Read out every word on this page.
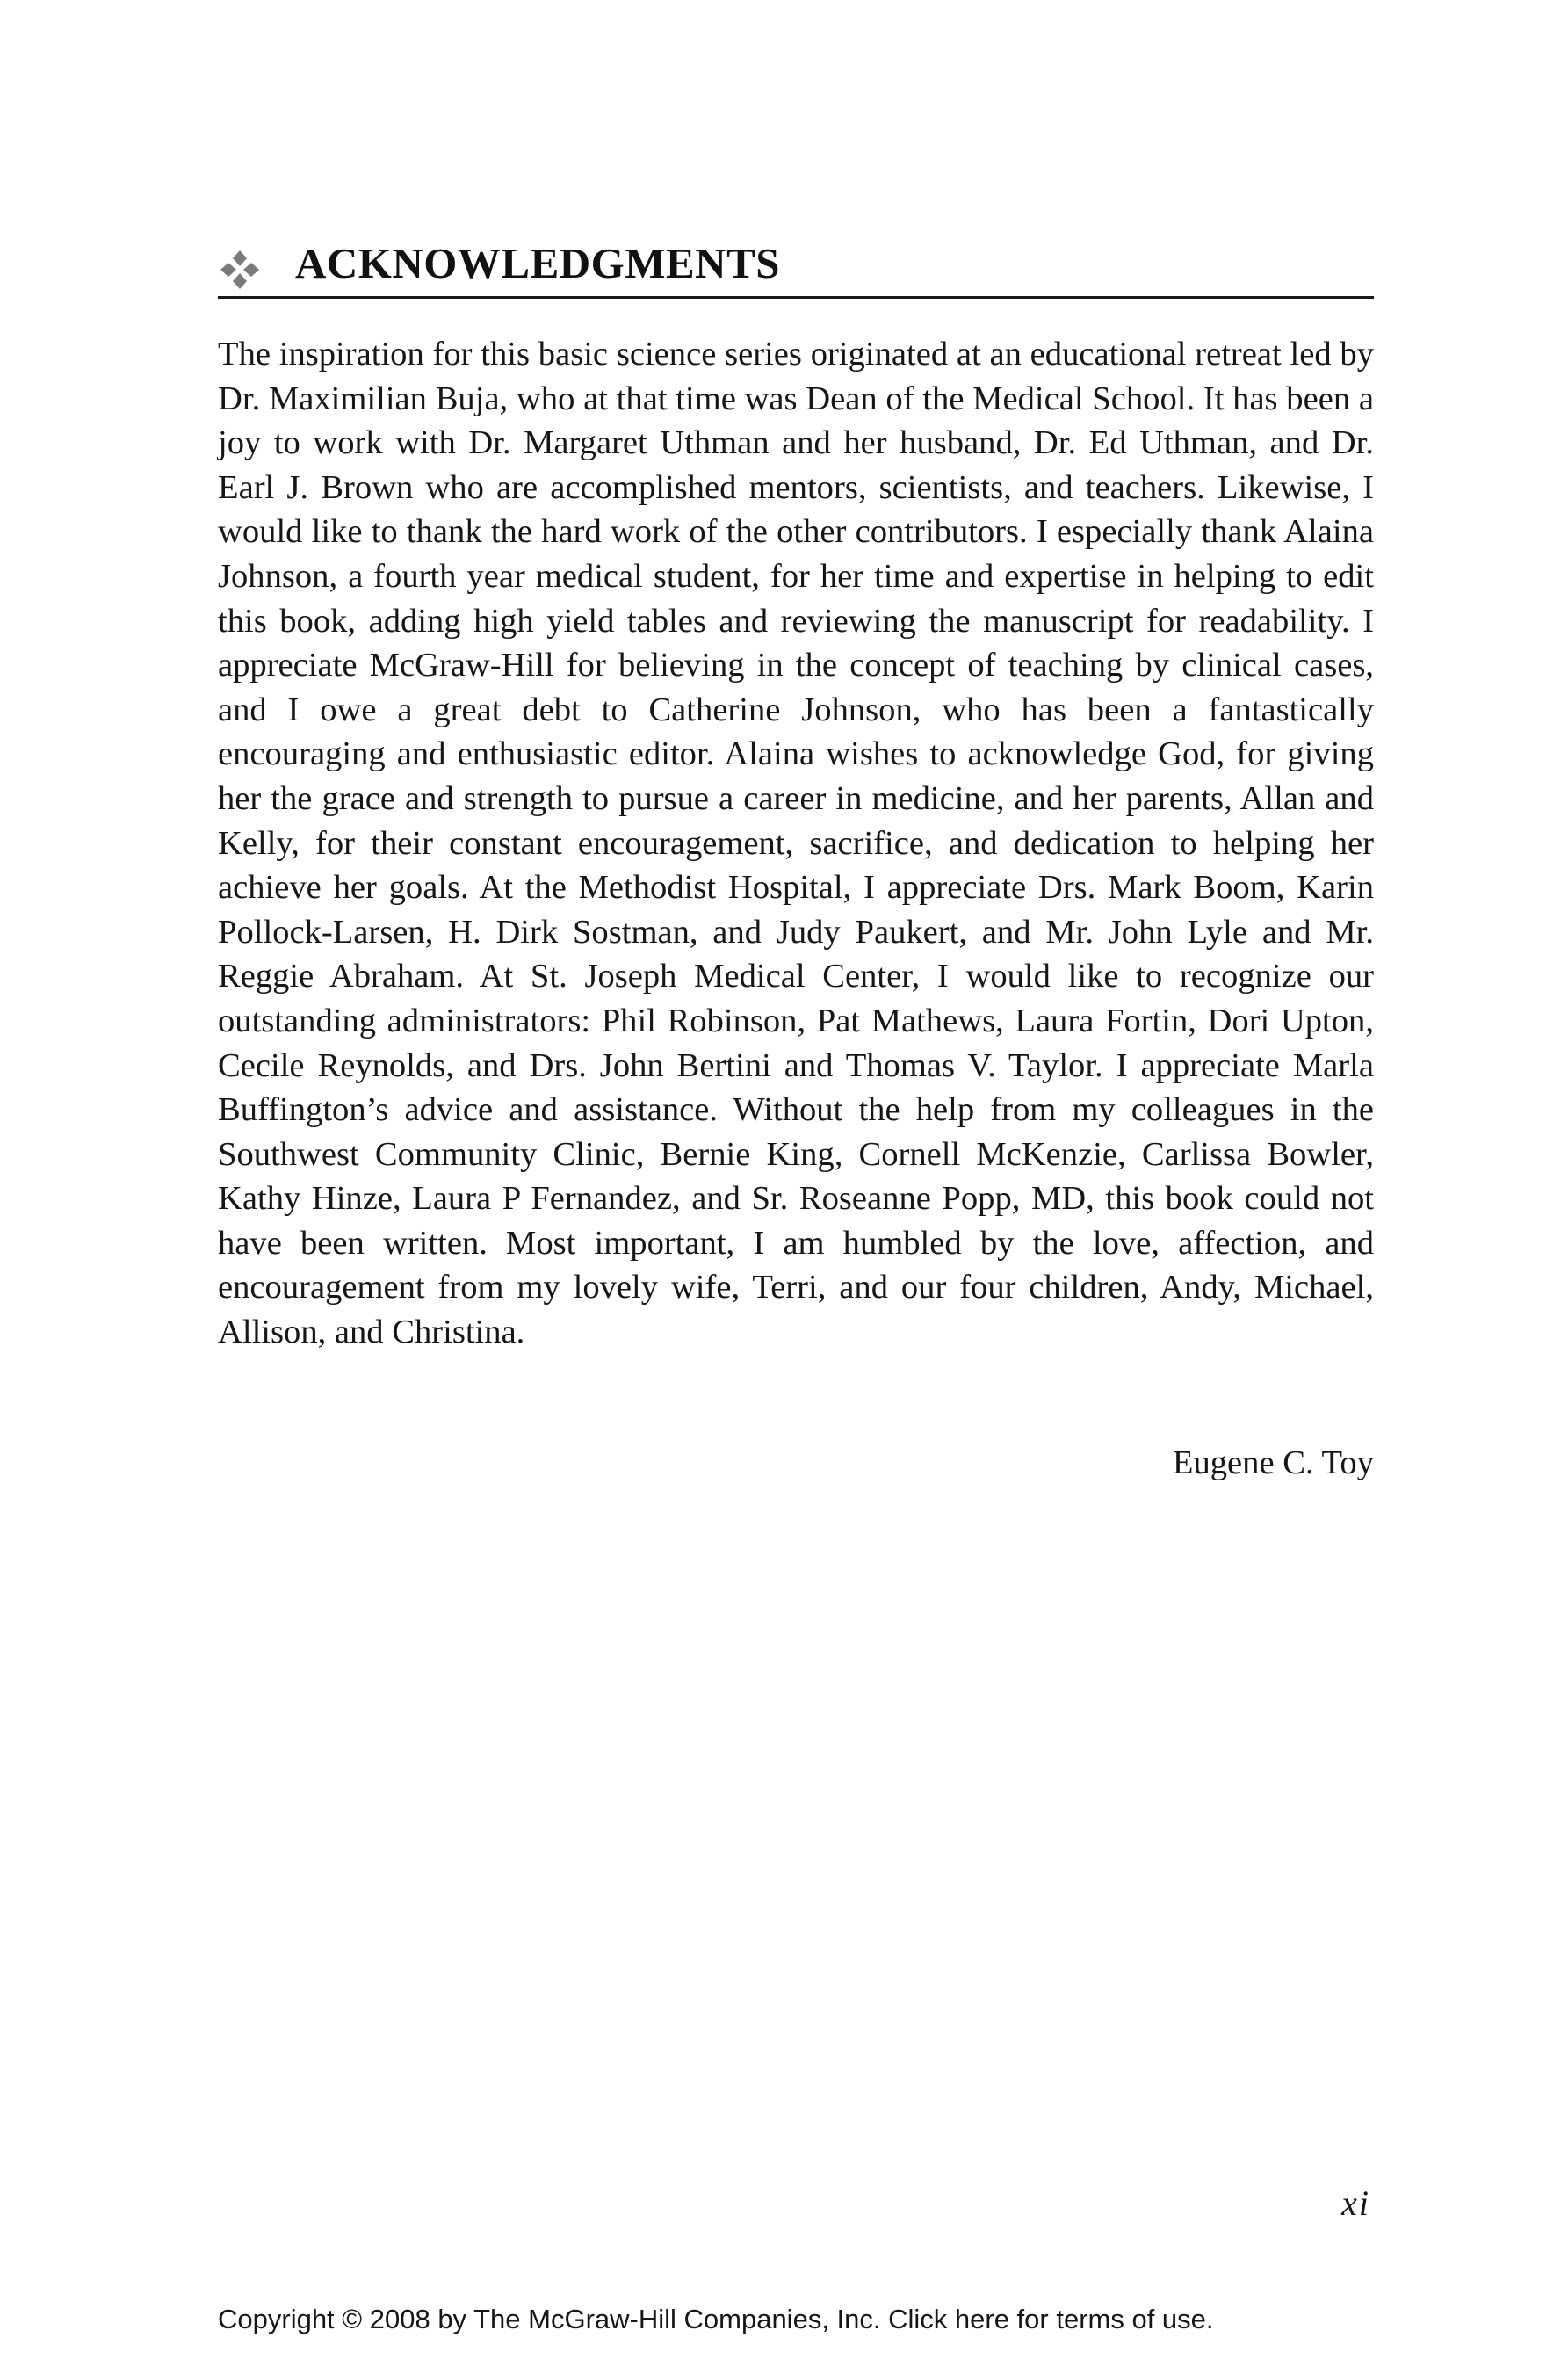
ACKNOWLEDGMENTS

The inspiration for this basic science series originated at an educational retreat led by Dr. Maximilian Buja, who at that time was Dean of the Medical School. It has been a joy to work with Dr. Margaret Uthman and her husband, Dr. Ed Uthman, and Dr. Earl J. Brown who are accomplished mentors, scientists, and teachers. Likewise, I would like to thank the hard work of the other contributors. I especially thank Alaina Johnson, a fourth year medical student, for her time and expertise in helping to edit this book, adding high yield tables and reviewing the manuscript for readability. I appreciate McGraw-Hill for believing in the concept of teaching by clinical cases, and I owe a great debt to Catherine Johnson, who has been a fantastically encouraging and enthusiastic editor. Alaina wishes to acknowledge God, for giving her the grace and strength to pursue a career in medicine, and her parents, Allan and Kelly, for their constant encouragement, sacrifice, and dedication to helping her achieve her goals. At the Methodist Hospital, I appreciate Drs. Mark Boom, Karin Pollock-Larsen, H. Dirk Sostman, and Judy Paukert, and Mr. John Lyle and Mr. Reggie Abraham. At St. Joseph Medical Center, I would like to recognize our outstanding administrators: Phil Robinson, Pat Mathews, Laura Fortin, Dori Upton, Cecile Reynolds, and Drs. John Bertini and Thomas V. Taylor. I appreciate Marla Buffington’s advice and assistance. Without the help from my colleagues in the Southwest Community Clinic, Bernie King, Cornell McKenzie, Carlissa Bowler, Kathy Hinze, Laura P Fernandez, and Sr. Roseanne Popp, MD, this book could not have been written. Most important, I am humbled by the love, affection, and encouragement from my lovely wife, Terri, and our four children, Andy, Michael, Allison, and Christina.

Eugene C. Toy
xi
Copyright © 2008 by The McGraw-Hill Companies, Inc. Click here for terms of use.
